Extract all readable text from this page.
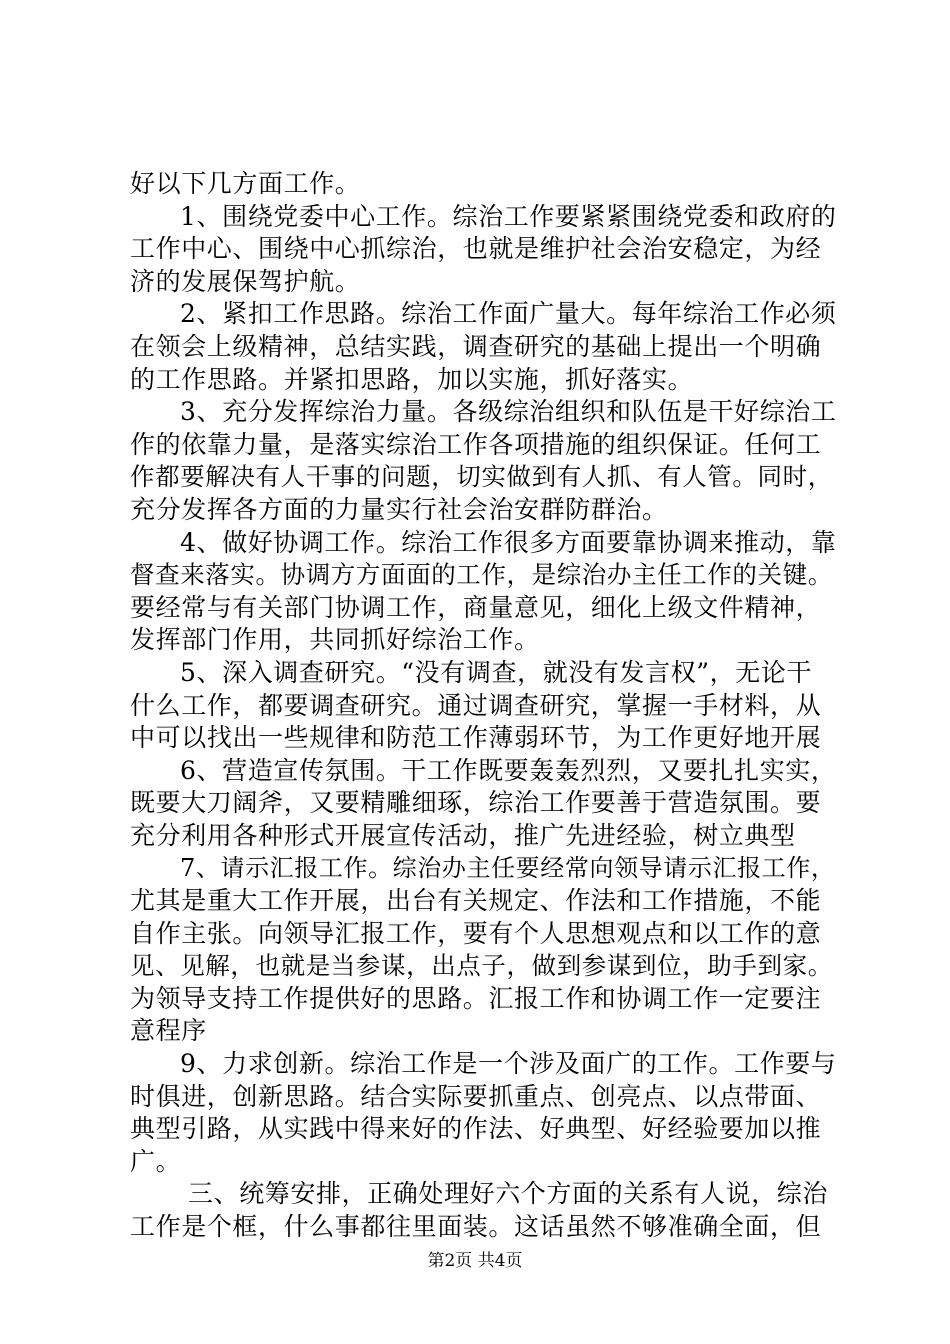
好以下几方面工作。
1、围绕党委中心工作。综治工作要紧紧围绕党委和政府的
工作中心、围绕中心抓综治，也就是维护社会治安稳定，为经
济的发展保驾护航。
2、紧扣工作思路。综治工作面广量大。每年综治工作必须
在领会上级精神，总结实践，调查研究的基础上提出一个明确
的工作思路。并紧扣思路，加以实施，抓好落实。
3、充分发挥综治力量。各级综治组织和队伍是干好综治工
作的依靠力量，是落实综治工作各项措施的组织保证。任何工
作都要解决有人干事的问题，切实做到有人抓、有人管。同时，
充分发挥各方面的力量实行社会治安群防群治。
4、做好协调工作。综治工作很多方面要靠协调来推动，靠
督查来落实。协调方方面面的工作，是综治办主任工作的关键。
要经常与有关部门协调工作，商量意见，细化上级文件精神，
发挥部门作用，共同抓好综治工作。
5、深入调查研究。“没有调查，就没有发言权”，无论干
什么工作，都要调查研究。通过调查研究，掌握一手材料，从
中可以找出一些规律和防范工作薄弱环节，为工作更好地开展
6、营造宣传氛围。干工作既要轰轰烈烈，又要扎扎实实，
既要大刀阔斧，又要精雕细琢，综治工作要善于营造氛围。要
充分利用各种形式开展宣传活动，推广先进经验，树立典型
7、请示汇报工作。综治办主任要经常向领导请示汇报工作，
尤其是重大工作开展，出台有关规定、作法和工作措施，不能
自作主张。向领导汇报工作，要有个人思想观点和以工作的意
见、见解，也就是当参谋，出点子，做到参谋到位，助手到家。
为领导支持工作提供好的思路。汇报工作和协调工作一定要注
意程序
9、力求创新。综治工作是一个涉及面广的工作。工作要与
时俱进，创新思路。结合实际要抓重点、创亮点、以点带面、
典型引路，从实践中得来好的作法、好典型、好经验要加以推
广。
三、统筹安排，正确处理好六个方面的关系有人说，综治
工作是个框，什么事都往里面装。这话虽然不够准确全面，但
第2页 共4页
